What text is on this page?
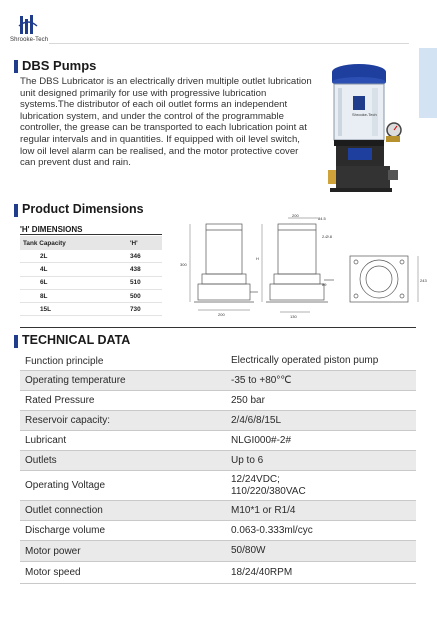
Shrooke-Tech
DBS Pumps

The DBS Lubricator is an electrically driven multiple outlet lubrication unit designed primarily for use with progressive lubrication systems.The distributor of each oil outlet forms an independent lubrication system, and under the control of the programmable controller, the grease can be transported to each lubrication point at regular intervals and in quantities. If equipped with oil level switch, low oil level alarm can be realised, and the motor protective cover can prevent dust and rain.

Shrooke-Tech
Product Dimensions
'H' DIMENSIONS
Tank Capacity	'H'
2L	346
4L	438
6L	510
8L	500
15L	730
200
84.5
2-Ø.8
300
H
200	130
243
89
TECHNICAL DATA
Function principle	Electrically operated piston pump
Operating temperature	-35 to +80°℃
Rated Pressure	250 bar
Reservoir capacity:	2/4/6/8/15L
Lubricant	NLGI000#-2#
Outlets	Up to 6
Operating Voltage
12/24VDC;
110/220/380VAC
Outlet connection	M10*1 or R1/4
Discharge volume	0.063-0.333ml/cyc
Motor power	50/80W
Motor speed	18/24/40RPM
